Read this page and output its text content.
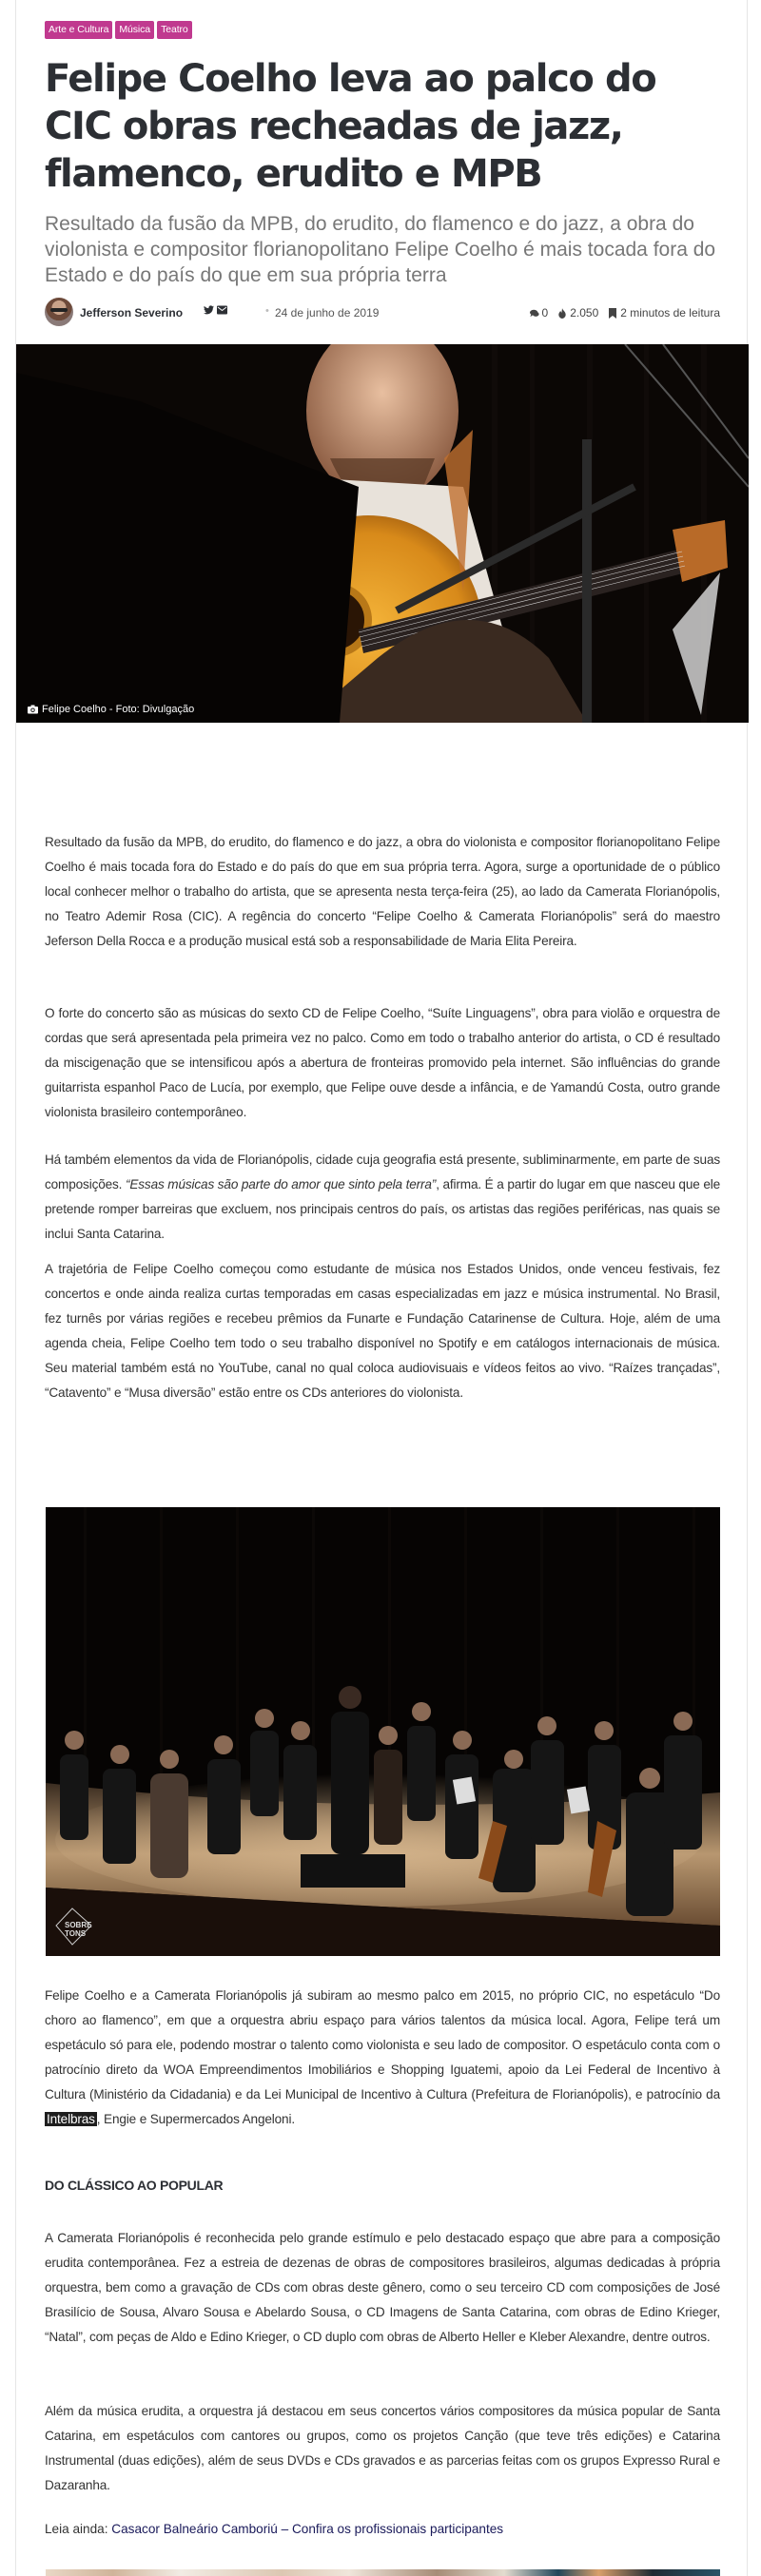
Arte e Cultura	Música	Teatro
Felipe Coelho leva ao palco do CIC obras recheadas de jazz, flamenco, erudito e MPB
Resultado da fusão da MPB, do erudito, do flamenco e do jazz, a obra do violonista e compositor florianopolitano Felipe Coelho é mais tocada fora do Estado e do país do que em sua própria terra
Jefferson Severino	• 24 de junho de 2019	0 2.050 2 minutos de leitura
Felipe Coelho - Foto: Divulgação

Resultado da fusão da MPB, do erudito, do flamenco e do jazz, a obra do violonista e compositor florianopolitano Felipe Coelho é mais tocada fora do Estado e do país do que em sua própria terra. Agora, surge a oportunidade de o público local conhecer melhor o trabalho do artista, que se apresenta nesta terça-feira (25), ao lado da Camerata Florianópolis, no Teatro Ademir Rosa (CIC). A regência do concerto “Felipe Coelho & Camerata Florianópolis” será do maestro Jeferson Della Rocca e a produção musical está sob a responsabilidade de Maria Elita Pereira.

O forte do concerto são as músicas do sexto CD de Felipe Coelho, “Suíte Linguagens”, obra para violão e orquestra de cordas que será apresentada pela primeira vez no palco. Como em todo o trabalho anterior do artista, o CD é resultado da miscigenação que se intensificou após a abertura de fronteiras promovido pela internet. São influências do grande guitarrista espanhol Paco de Lucía, por exemplo, que Felipe ouve desde a infância, e de Yamandú Costa, outro grande violonista brasileiro contemporâneo.

Há também elementos da vida de Florianópolis, cidade cuja geografia está presente, subliminarmente, em parte de suas composições. “Essas músicas são parte do amor que sinto pela terra”, afirma. É a partir do lugar em que nasceu que ele pretende romper barreiras que excluem, nos principais centros do país, os artistas das regiões periféricas, nas quais se inclui Santa Catarina.

A trajetória de Felipe Coelho começou como estudante de música nos Estados Unidos, onde venceu festivais, fez concertos e onde ainda realiza curtas temporadas em casas especializadas em jazz e música instrumental. No Brasil, fez turnês por várias regiões e recebeu prêmios da Funarte e Fundação Catarinense de Cultura. Hoje, além de uma agenda cheia, Felipe Coelho tem todo o seu trabalho disponível no Spotify e em catálogos internacionais de música. Seu material também está no YouTube, canal no qual coloca audiovisuais e vídeos feitos ao vivo. “Raízes trançadas”, “Catavento” e “Musa diversão” estão entre os CDs anteriores do violonista.

SOBRE
TONS

Felipe Coelho e a Camerata Florianópolis já subiram ao mesmo palco em 2015, no próprio CIC, no espetáculo “Do choro ao flamenco”, em que a orquestra abriu espaço para vários talentos da música local. Agora, Felipe terá um espetáculo só para ele, podendo mostrar o talento como violonista e seu lado de compositor. O espetáculo conta com o patrocínio direto da WOA Empreendimentos Imobiliários e Shopping Iguatemi, apoio da Lei Federal de Incentivo à Cultura (Ministério da Cidadania) e da Lei Municipal de Incentivo à Cultura (Prefeitura de Florianópolis), e patrocínio da Intelbras , Engie e Supermercados Angeloni.

DO CLÁSSICO AO POPULAR

A Camerata Florianópolis é reconhecida pelo grande estímulo e pelo destacado espaço que abre para a composição erudita contemporânea. Fez a estreia de dezenas de obras de compositores brasileiros, algumas dedicadas à própria orquestra, bem como a gravação de CDs com obras deste gênero, como o seu terceiro CD com composições de José Brasilício de Sousa, Alvaro Sousa e Abelardo Sousa, o CD Imagens de Santa Catarina, com obras de Edino Krieger, “Natal”, com peças de Aldo e Edino Krieger, o CD duplo com obras de Alberto Heller e Kleber Alexandre, dentre outros.

Além da música erudita, a orquestra já destacou em seus concertos vários compositores da música popular de Santa Catarina, em espetáculos com cantores ou grupos, como os projetos Canção (que teve três edições) e Catarina Instrumental (duas edições), além de seus DVDs e CDs gravados e as parcerias feitas com os grupos Expresso Rural e Dazaranha.

Leia ainda: Casacor Balneário Camboriú – Confira os profissionais participantes
